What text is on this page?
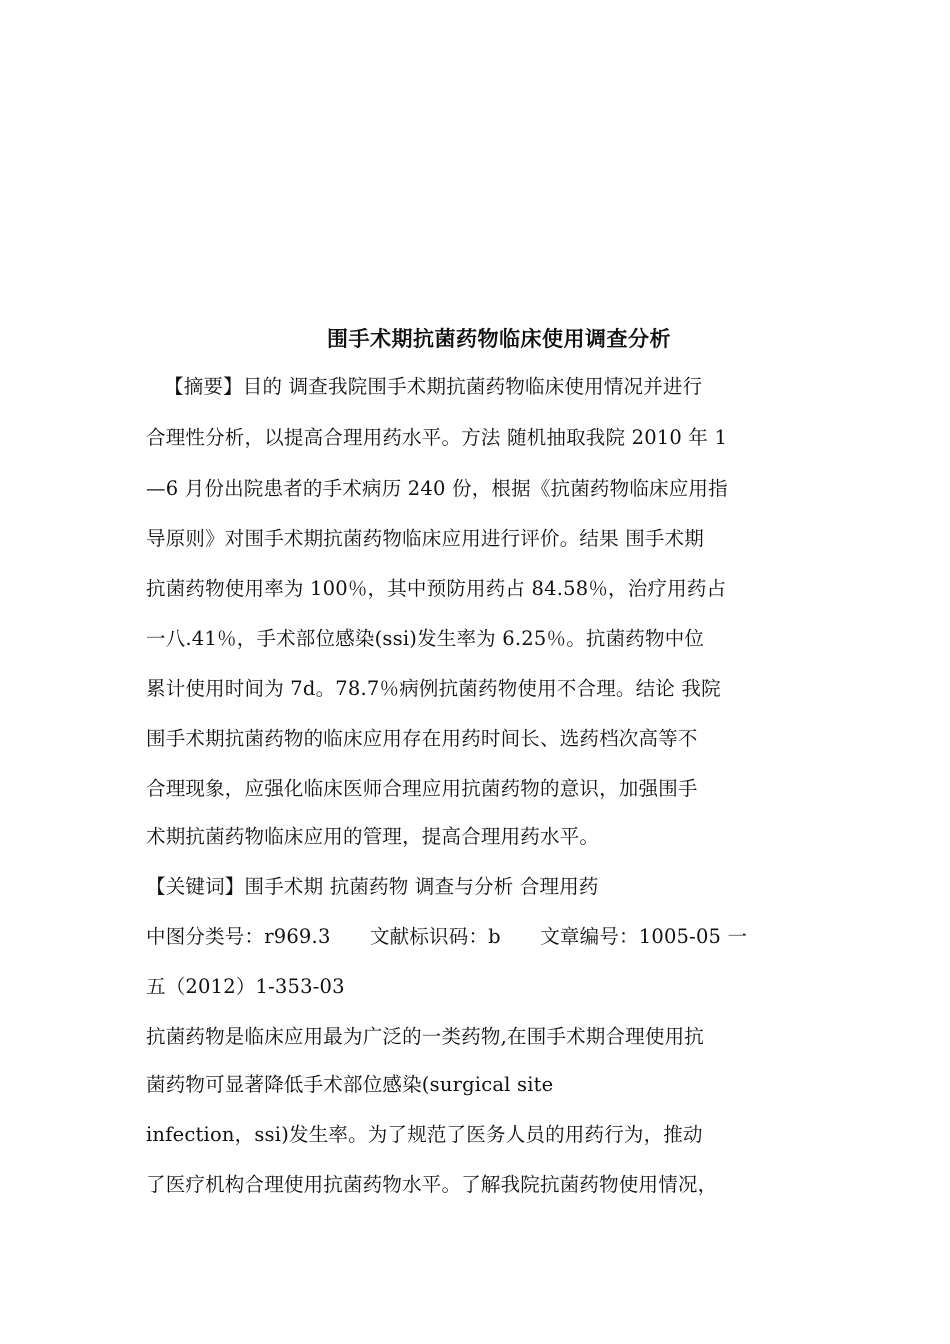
围手术期抗菌药物临床使用调查分析
【摘要】目的 调查我院围手术期抗菌药物临床使用情况并进行
合理性分析，以提高合理用药水平。方法 随机抽取我院 2010 年 1
—6 月份出院患者的手术病历 240 份，根据《抗菌药物临床应用指
导原则》对围手术期抗菌药物临床应用进行评价。结果 围手术期
抗菌药物使用率为 100％，其中预防用药占 84.58％，治疗用药占
一八.41％，手术部位感染(ssi)发生率为 6.25％。抗菌药物中位
累计使用时间为 7d。78.7％病例抗菌药物使用不合理。结论 我院
围手术期抗菌药物的临床应用存在用药时间长、选药档次高等不
合理现象，应强化临床医师合理应用抗菌药物的意识，加强围手
术期抗菌药物临床应用的管理，提高合理用药水平。
【关键词】围手术期 抗菌药物 调查与分析 合理用药
中图分类号：r969.3　　文献标识码：b　　文章编号：1005-05 一
五（2012）1-353-03
抗菌药物是临床应用最为广泛的一类药物,在围手术期合理使用抗
菌药物可显著降低手术部位感染(surgical site
infection，ssi)发生率。为了规范了医务人员的用药行为，推动
了医疗机构合理使用抗菌药物水平。了解我院抗菌药物使用情况，
